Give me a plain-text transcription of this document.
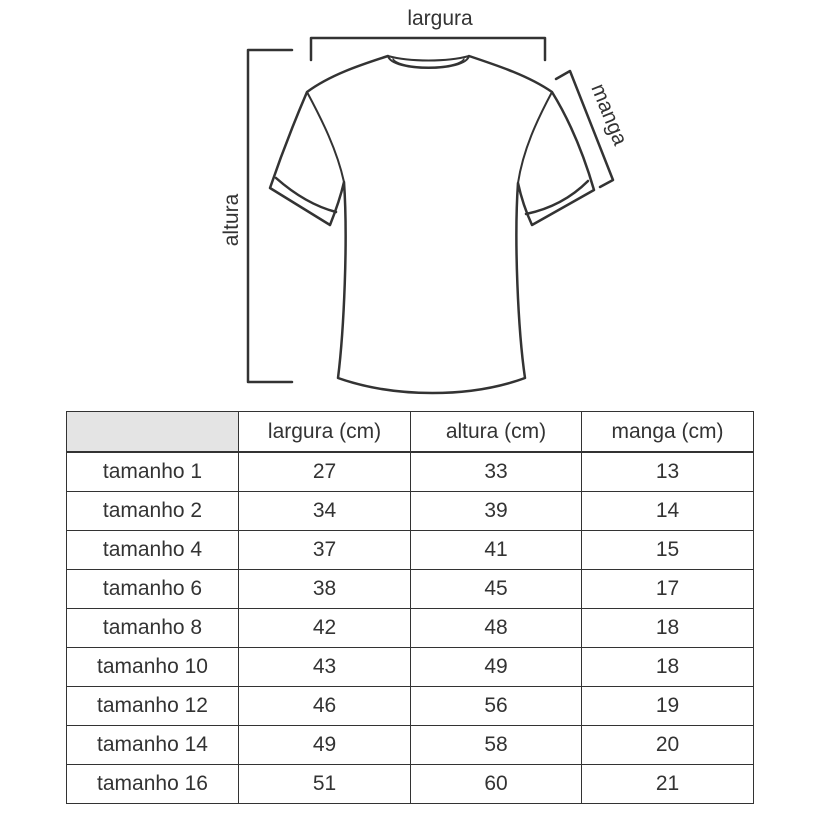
largura
altura
manga
	largura (cm)	altura (cm)	manga (cm)
tamanho 1	27	33	13
tamanho 2	34	39	14
tamanho 4	37	41	15
tamanho 6	38	45	17
tamanho 8	42	48	18
tamanho 10	43	49	18
tamanho 12	46	56	19
tamanho 14	49	58	20
tamanho 16	51	60	21
